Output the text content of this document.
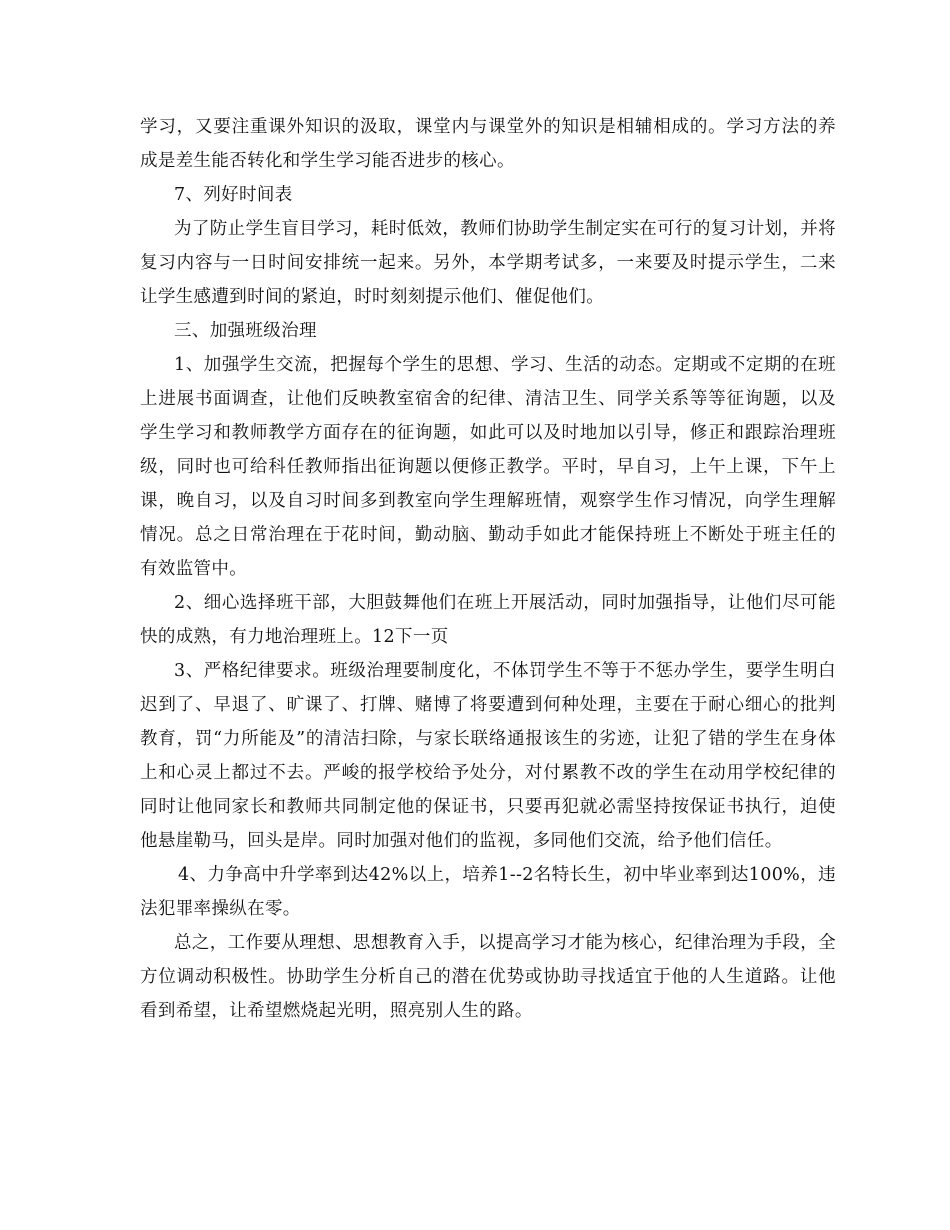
学习，又要注重课外知识的汲取，课堂内与课堂外的知识是相辅相成的。学习方法的养成是差生能否转化和学生学习能否进步的核心。

7、列好时间表

为了防止学生盲目学习，耗时低效，教师们协助学生制定实在可行的复习计划，并将复习内容与一日时间安排统一起来。另外，本学期考试多，一来要及时提示学生，二来让学生感遭到时间的紧迫，时时刻刻提示他们、催促他们。

三、加强班级治理

1、加强学生交流，把握每个学生的思想、学习、生活的动态。定期或不定期的在班上进展书面调查，让他们反映教室宿舍的纪律、清洁卫生、同学关系等等征询题，以及学生学习和教师教学方面存在的征询题，如此可以及时地加以引导，修正和跟踪治理班级，同时也可给科任教师指出征询题以便修正教学。平时，早自习，上午上课，下午上课，晚自习，以及自习时间多到教室向学生理解班情，观察学生作习情况，向学生理解情况。总之日常治理在于花时间，勤动脑、勤动手如此才能保持班上不断处于班主任的有效监管中。

2、细心选择班干部，大胆鼓舞他们在班上开展活动，同时加强指导，让他们尽可能快的成熟，有力地治理班上。12下一页

3、严格纪律要求。班级治理要制度化，不体罚学生不等于不惩办学生，要学生明白迟到了、早退了、旷课了、打牌、赌博了将要遭到何种处理，主要在于耐心细心的批判教育，罚“力所能及”的清洁扫除，与家长联络通报该生的劣迹，让犯了错的学生在身体上和心灵上都过不去。严峻的报学校给予处分，对付累教不改的学生在动用学校纪律的同时让他同家长和教师共同制定他的保证书，只要再犯就必需坚持按保证书执行，迫使他悬崖勒马，回头是岸。同时加强对他们的监视，多同他们交流，给予他们信任。

4、力争高中升学率到达42%以上，培养1--2名特长生，初中毕业率到达100%，违法犯罪率操纵在零。

总之，工作要从理想、思想教育入手，以提高学习才能为核心，纪律治理为手段，全方位调动积极性。协助学生分析自己的潜在优势或协助寻找适宜于他的人生道路。让他看到希望，让希望燃烧起光明，照亮别人生的路。
